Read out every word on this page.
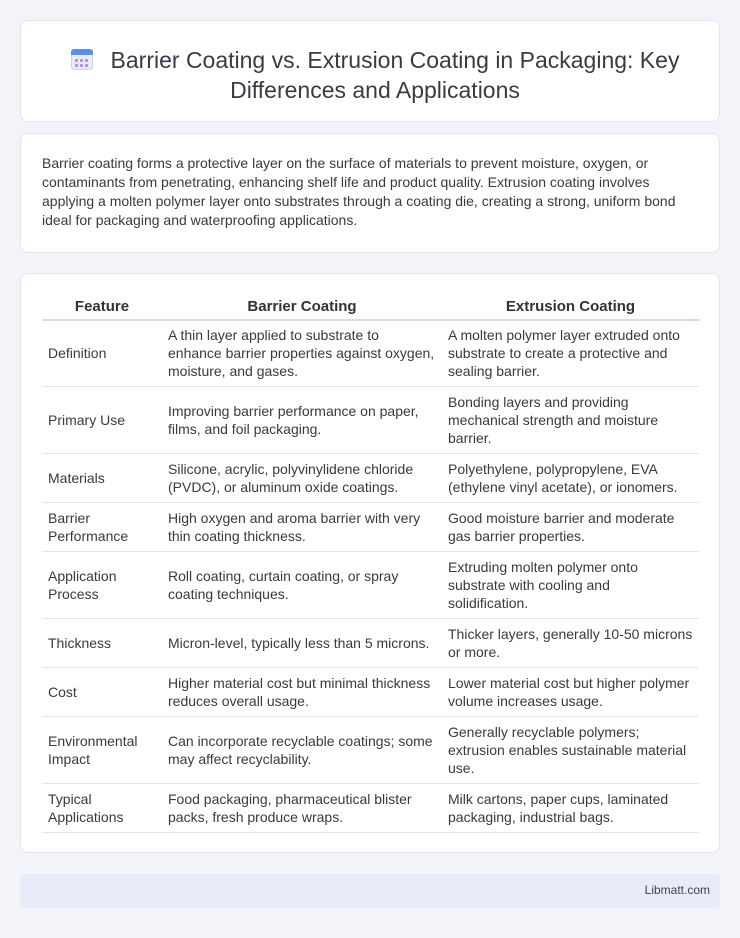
Barrier Coating vs. Extrusion Coating in Packaging: Key Differences and Applications

Barrier coating forms a protective layer on the surface of materials to prevent moisture, oxygen, or contaminants from penetrating, enhancing shelf life and product quality. Extrusion coating involves applying a molten polymer layer onto substrates through a coating die, creating a strong, uniform bond ideal for packaging and waterproofing applications.

Feature	Barrier Coating	Extrusion Coating
Definition	A thin layer applied to substrate to enhance barrier properties against oxygen, moisture, and gases.	A molten polymer layer extruded onto substrate to create a protective and sealing barrier.
Primary Use	Improving barrier performance on paper, films, and foil packaging.	Bonding layers and providing mechanical strength and moisture barrier.
Materials	Silicone, acrylic, polyvinylidene chloride (PVDC), or aluminum oxide coatings.	Polyethylene, polypropylene, EVA (ethylene vinyl acetate), or ionomers.
Barrier Performance	High oxygen and aroma barrier with very thin coating thickness.	Good moisture barrier and moderate gas barrier properties.
Application Process	Roll coating, curtain coating, or spray coating techniques.	Extruding molten polymer onto substrate with cooling and solidification.
Thickness	Micron-level, typically less than 5 microns.	Thicker layers, generally 10-50 microns or more.
Cost	Higher material cost but minimal thickness reduces overall usage.	Lower material cost but higher polymer volume increases usage.
Environmental Impact	Can incorporate recyclable coatings; some may affect recyclability.	Generally recyclable polymers; extrusion enables sustainable material use.
Typical Applications	Food packaging, pharmaceutical blister packs, fresh produce wraps.	Milk cartons, paper cups, laminated packaging, industrial bags.
Libmatt.com
